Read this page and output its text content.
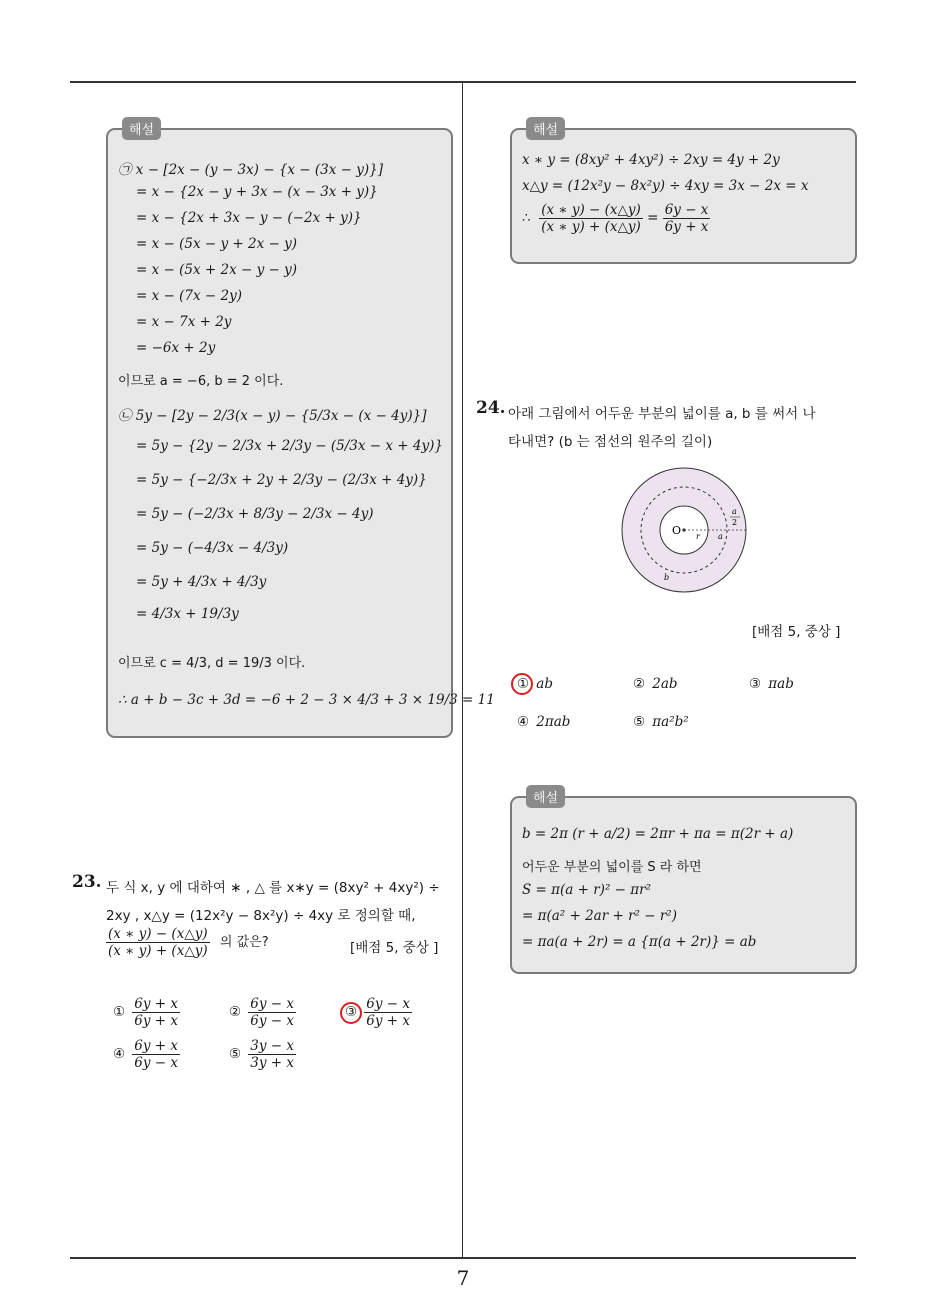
7
해설
㉠ x − [2x − (y − 3x) − {x − (3x − y)}]
= x − {2x − y + 3x − (x − 3x + y)}
= x − {2x + 3x − y − (−2x + y)}
= x − (5x − y + 2x − y)
= x − (5x + 2x − y − y)
= x − (7x − 2y)
= x − 7x + 2y
= −6x + 2y
이므로 a = −6, b = 2 이다.
㉡ 5y − [2y − 2/3(x − y) − {5/3x − (x − 4y)}]
= 5y − {2y − 2/3x + 2/3y − (5/3x − x + 4y)}
= 5y − {−2/3x + 2y + 2/3y − (2/3x + 4y)}
= 5y − (−2/3x + 8/3y − 2/3x − 4y)
= 5y − (−4/3x − 4/3y)
= 5y + 4/3x + 4/3y
= 4/3x + 19/3y
이므로 c = 4/3, d = 19/3 이다.
∴ a + b − 3c + 3d = −6 + 2 − 3 × 4/3 + 3 × 19/3 = 11
23. 두 식 x, y 에 대하여 ∗ , △ 를 x∗y = (8xy² + 4xy²) ÷
2xy , x△y = (12x²y − 8x²y) ÷ 4xy 로 정의할 때,
$\frac{(x ∗ y) - (x\triangle y)}{(x ∗ y) + (x\triangle y)}$ 의 값은?	[배점 5, 중상 ]
① $\frac{6y + x}{6y + x}$	② $\frac{6y - x}{6y - x}$	③ $\frac{6y - x}{6y + x}$
④ $\frac{6y + x}{6y - x}$	⑤ $\frac{3y - x}{3y + x}$
해설
x ∗ y = (8xy² + 4xy²) ÷ 2xy = 4y + 2y
x△y = (12x²y − 8x²y) ÷ 4xy = 3x − 2x = x
∴ $\frac{(x ∗ y) - (x\triangle y)}{(x ∗ y) + (x\triangle y)} = \frac{6y - x}{6y + x}$
24. 아래 그림에서 어두운 부분의 넓이를 a, b 를 써서 나
타내면? (b 는 점선의 원주의 길이)
O r a
a
2
b
[배점 5, 중상 ]
① ab	② 2ab	③ πab
④ 2πab	⑤ πa²b²
해설
b = 2π (r + a/2) = 2πr + πa = π(2r + a)
어두운 부분의 넓이를 S 라 하면
S = π(a + r)² − πr²
= π(a² + 2ar + r² − r²)
= πa(a + 2r) = a {π(a + 2r)} = ab
